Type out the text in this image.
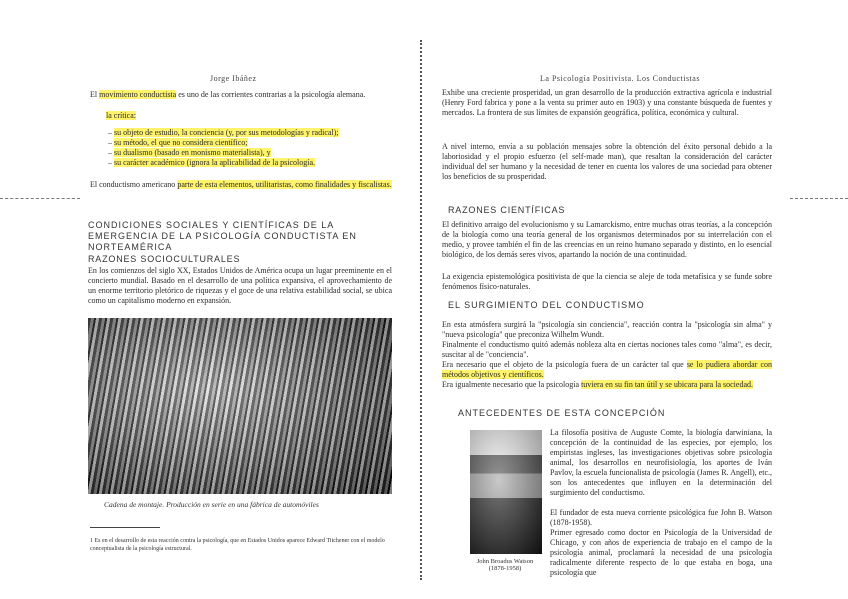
Jorge Ibáñez

El movimiento conductista es uno de las corrientes contrarias a la psicología alemana.

la crítica:

– su objeto de estudio, la conciencia (y, por sus metodologías y radical);
– su método, el que no considera científico;
– su dualismo (basado en monismo materialista), y
– su carácter académico (ignora la aplicabilidad de la psicología.

El conductismo americano parte de esta elementos, utilitaristas, como finalidades y fiscalistas.

CONDICIONES SOCIALES Y CIENTÍFICAS DE LA EMERGENCIA DE LA PSICOLOGÍA CONDUCTISTA EN NORTEAMÉRICA

RAZONES SOCIOCULTURALES

En los comienzos del siglo XX, Estados Unidos de América ocupa un lugar preeminente en el concierto mundial. Basado en el desarrollo de una política expansiva, el aprovechamiento de un enorme territorio pletórico de riquezas y el goce de una relativa estabilidad social, se ubica como un capitalismo moderno en expansión.

Cadena de montaje. Producción en serie en una fábrica de automóviles

1 Es en el desarrollo de esta reacción contra la psicología, que en Estados Unidos aparece Edward Titchener con el modelo conceptualista de la psicología estructural.

La Psicología Positivista. Los Conductistas

Exhibe una creciente prosperidad, un gran desarrollo de la producción extractiva agrícola e industrial (Henry Ford fabrica y pone a la venta su primer auto en 1903) y una constante búsqueda de fuentes y mercados. La frontera de sus límites de expansión geográfica, política, económica y cultural.

A nivel interno, envía a su población mensajes sobre la obtención del éxito personal debido a la laboriosidad y el propio esfuerzo (el self-made man), que resaltan la consideración del carácter individual del ser humano y la necesidad de tener en cuenta los valores de una sociedad para obtener los beneficios de su prosperidad.

RAZONES CIENTÍFICAS

El definitivo arraigo del evolucionismo y su Lamarckismo, entre muchas otras teorías, a la concepción de la biología como una teoría general de los organismos determinados por su interrelación con el medio, y provee también el fin de las creencias en un reino humano separado y distinto, en lo esencial biológico, de los demás seres vivos, apartando la noción de una continuidad.

La exigencia epistemológica positivista de que la ciencia se aleje de toda metafísica y se funde sobre fenómenos físico-naturales.

EL SURGIMIENTO DEL CONDUCTISMO

En esta atmósfera surgirá la "psicología sin conciencia", reacción contra la "psicología sin alma" y "nueva psicología" que preconiza Wilhelm Wundt.

Finalmente el conductismo quitó además nobleza alta en ciertas nociones tales como "alma", es decir, suscitar al de "conciencia".

Era necesario que el objeto de la psicología fuera de un carácter tal que se lo pudiera abordar con métodos objetivos y científicos.

Era igualmente necesario que la psicología tuviera en su fin tan útil y se ubicara para la sociedad.

ANTECEDENTES DE ESTA CONCEPCIÓN

John Broadus Watson
(1878-1958)

La filosofía positiva de Auguste Comte, la biología darwiniana, la concepción de la continuidad de las especies, por ejemplo, los empiristas ingleses, las investigaciones objetivas sobre psicología animal, los desarrollos en neurofisiología, los aportes de Iván Pavlov, la escuela funcionalista de psicología (James R. Angell), etc., son los antecedentes que influyen en la determinación del surgimiento del conductismo.

El fundador de esta nueva corriente psicológica fue John B. Watson (1878-1958).

Primer egresado como doctor en Psicología de la Universidad de Chicago, y con años de experiencia de trabajo en el campo de la psicología animal, proclamará la necesidad de una psicología radicalmente diferente respecto de lo que estaba en boga, una psicología que
